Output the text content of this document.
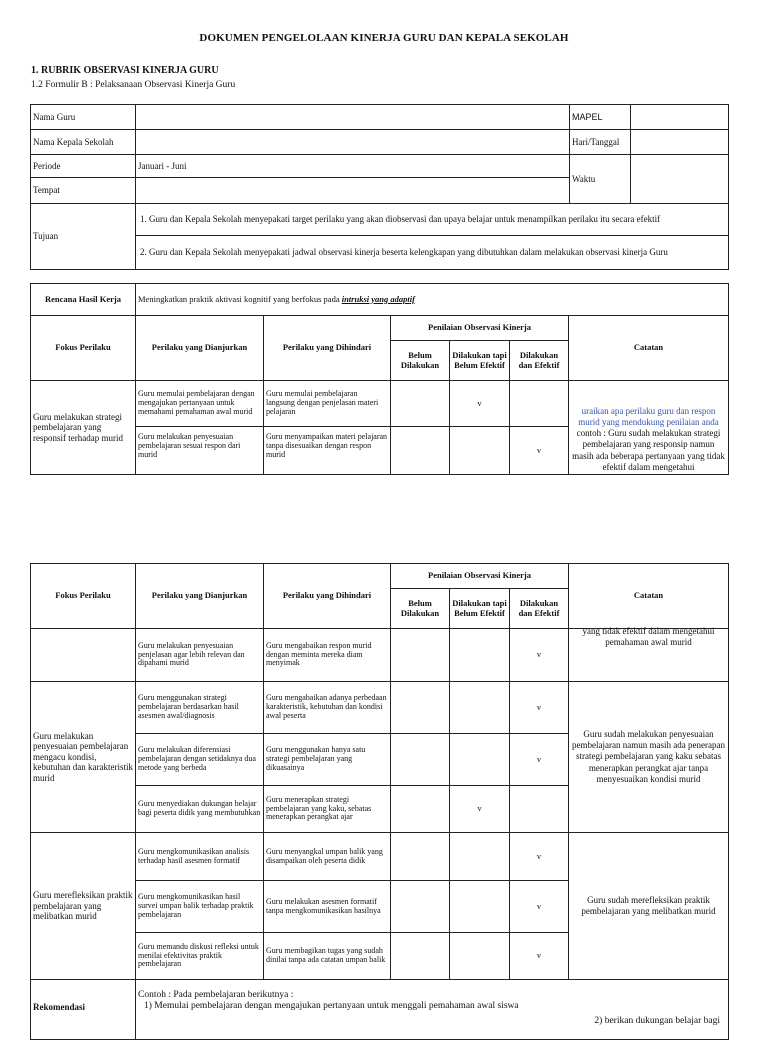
DOKUMEN PENGELOLAAN KINERJA GURU DAN KEPALA SEKOLAH
1. RUBRIK OBSERVASI KINERJA GURU
1.2 Formulir B : Pelaksanaan Observasi Kinerja Guru
Nama Guru		MAPEL	
Nama Kepala Sekolah		Hari/Tanggal	
Periode	Januari - Juni	Waktu	
Tempat			
Tujuan	1. Guru dan Kepala Sekolah menyepakati target perilaku yang akan diobservasi dan upaya belajar untuk menampilkan perilaku itu secara efektif		
	2. Guru dan Kepala Sekolah menyepakati jadwal observasi kinerja beserta kelengkapan yang dibutuhkan dalam melakukan observasi kinerja Guru		
Rencana Hasil Kerja	Meningkatkan praktik aktivasi kognitif yang berfokus pada intruksi yang adaptif					
Fokus Perilaku	Perilaku yang Dianjurkan	Perilaku yang Dihindari	Penilaian Observasi Kinerja			Catatan
			Belum Dilakukan	Dilakukan tapi Belum Efektif	Dilakukan dan Efektif	
Guru melakukan strategi pembelajaran yang responsif terhadap murid	Guru memulai pembelajaran dengan mengajukan pertanyaan untuk memahami pemahaman awal murid	Guru memulai pembelajaran langsung dengan penjelasan materi pelajaran		v		uraikan apa perilaku guru dan respon murid yang mendukung penilaian anda contoh : Guru sudah melakukan strategi pembelajaran yang responsip namun masih ada beberapa pertanyaan yang tidak efektif dalam mengetahui

	Guru melakukan penyesuaian pembelajaran sesuai respon dari murid	Guru menyampaikan materi pelajaran tanpa disesuaikan dengan respon murid			v	
Fokus Perilaku	Perilaku yang Dianjurkan	Perilaku yang Dihindari	Penilaian Observasi Kinerja			Catatan
			Belum Dilakukan	Dilakukan tapi Belum Efektif	Dilakukan dan Efektif	
	Guru melakukan penyesuaian penjelasan agar lebih relevan dan dipahami murid	Guru mengabaikan respon murid dengan meminta mereka diam menyimak			v	yang tidak efektif dalam mengetahui pemahaman awal murid

Guru melakukan penyesuaian pembelajaran mengacu kondisi, kebutuhan dan karakteristik murid	Guru menggunakan strategi pembelajaran berdasarkan hasil asesmen awal/diagnosis	Guru mengabaikan adanya perbedaan karakteristik, kebutuhan dan kondisi awal peserta			v	Guru sudah melakukan penyesuaian pembelajaran namun masih ada penerapan strategi pembelajaran yang kaku sebatas menerapkan perangkat ajar tanpa menyesuaikan kondisi murid
	Guru melakukan diferensiasi pembelajaran dengan setidaknya dua metode yang berbeda	Guru menggunakan hanya satu strategi pembelajaran yang dikuasainya			v	
	Guru menyediakan dukungan belajar bagi peserta didik yang membutuhkan	Guru menerapkan strategi pembelajaran yang kaku, sebatas menerapkan perangkat ajar		v		
Guru merefleksikan praktik pembelajaran yang melibatkan murid	Guru mengkomunikasikan analisis terhadap hasil asesmen formatif	Guru menyangkal umpan balik yang disampaikan oleh peserta didik			v	Guru sudah merefleksikan praktik pembelajaran yang melibatkan murid
	Guru mengkomunikasikan hasil survei umpan balik terhadap praktik pembelajaran	Guru melakukan asesmen formatif tanpa mengkomunikasikan hasilnya			v	
	Guru memandu diskusi refleksi untuk menilai efektivitas praktik pembelajaran	Guru membagikan tugas yang sudah dinilai tanpa ada catatan umpan balik			v	
Rekomendasi	Contoh : Pada pembelajaran berikutnya :
1) Memulai pembelajaran dengan mengajukan pertanyaan untuk menggali pemahaman awal siswa
2) berikan dukungan belajar bagi					
